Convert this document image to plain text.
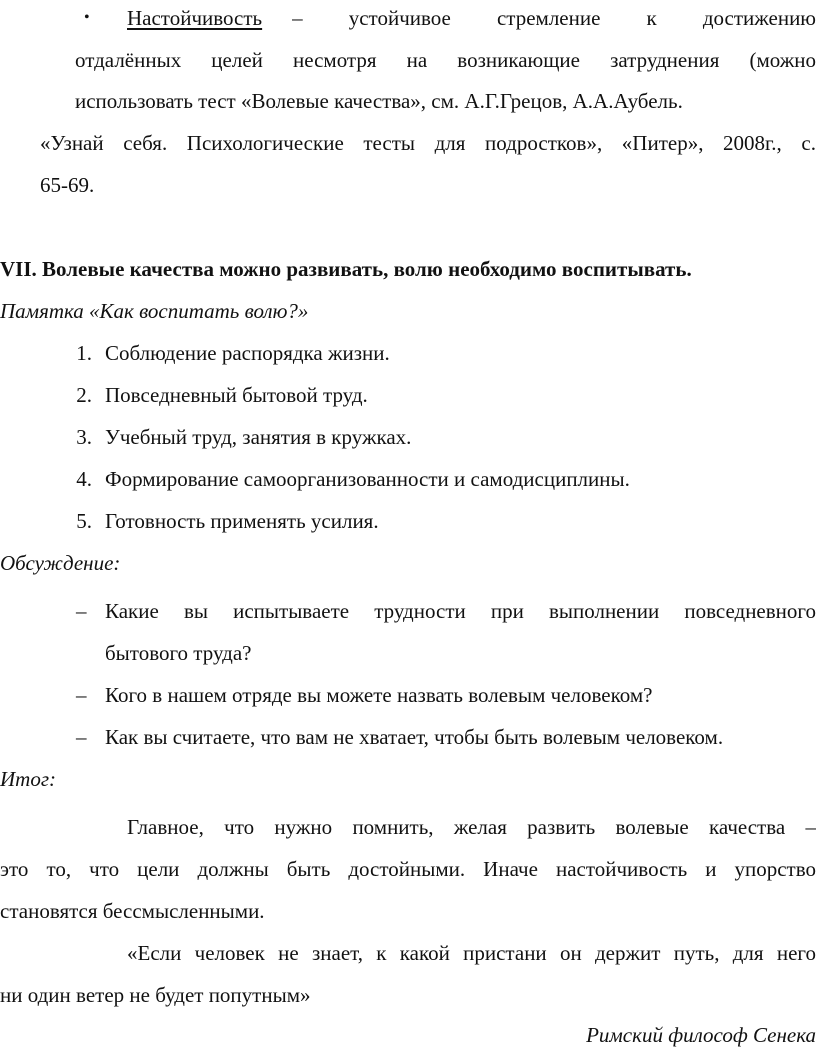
• Настойчивость – устойчивое стремление к достижению
отдалённых целей несмотря на возникающие затруднения (можно
использовать тест «Волевые качества», см. А.Г.Грецов, А.А.Аубель.
«Узнай себя. Психологические тесты для подростков», «Питер», 2008г., с.
65-69.
VII. Волевые качества можно развивать, волю необходимо воспитывать.
Памятка «Как воспитать волю?»
1. Соблюдение распорядка жизни.
2. Повседневный бытовой труд.
3. Учебный труд, занятия в кружках.
4. Формирование самоорганизованности и самодисциплины.
5. Готовность применять усилия.
Обсуждение:
– Какие вы испытываете трудности при выполнении повседневного
бытового труда?
– Кого в нашем отряде вы можете назвать волевым человеком?
– Как вы считаете, что вам не хватает, чтобы быть волевым человеком.
Итог:
Главное, что нужно помнить, желая развить волевые качества –
это то, что цели должны быть достойными. Иначе настойчивость и упорство
становятся бессмысленными.
«Если человек не знает, к какой пристани он держит путь, для него
ни один ветер не будет попутным»
Римский философ Сенека
